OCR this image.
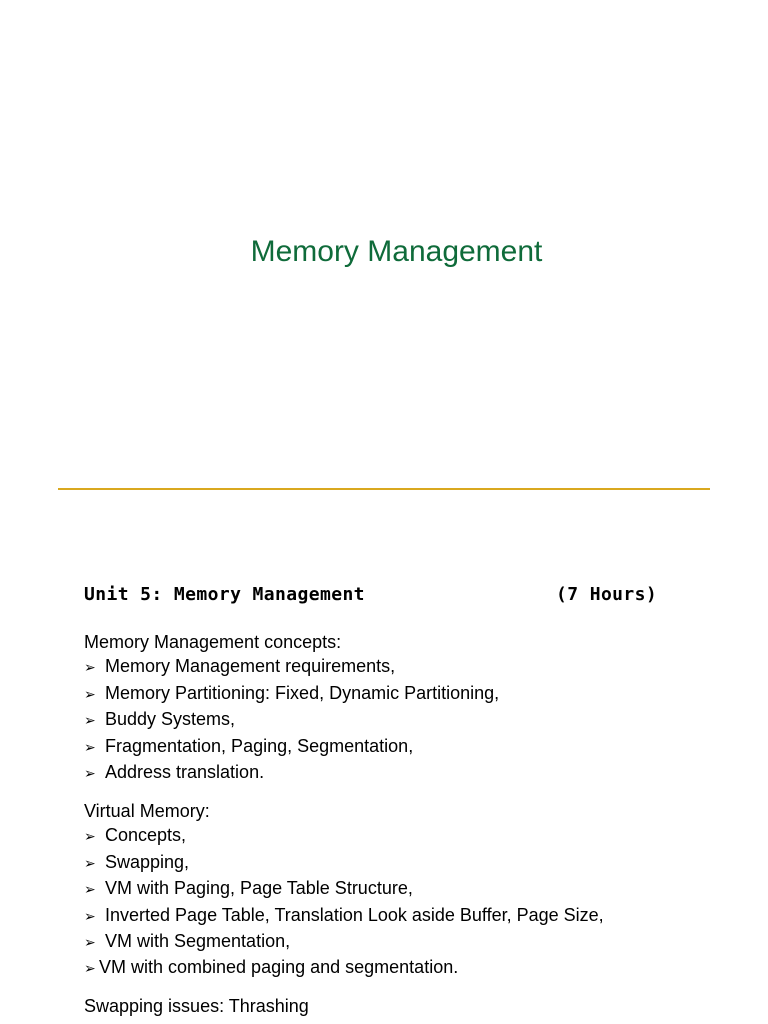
Memory Management
Unit 5: Memory Management	(7 Hours)
Memory Management concepts:
➢ Memory Management requirements,
➢ Memory Partitioning: Fixed, Dynamic Partitioning,
➢ Buddy Systems,
➢ Fragmentation, Paging, Segmentation,
➢ Address translation.
Virtual Memory:
➢ Concepts,
➢ Swapping,
➢ VM with Paging, Page Table Structure,
➢ Inverted Page Table, Translation Look aside Buffer, Page Size,
➢ VM with Segmentation,
➢ VM with combined paging and segmentation.
Swapping issues: Thrashing
